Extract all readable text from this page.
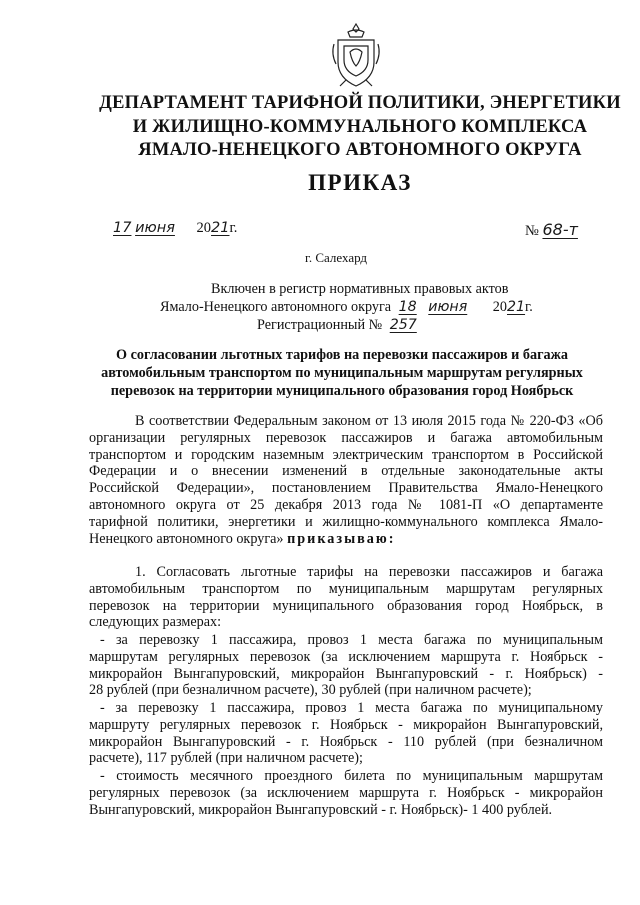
ДЕПАРТАМЕНТ ТАРИФНОЙ ПОЛИТИКИ, ЭНЕРГЕТИКИ
И ЖИЛИЩНО-КОММУНАЛЬНОГО КОМПЛЕКСА
ЯМАЛО-НЕНЕЦКОГО АВТОНОМНОГО ОКРУГА
ПРИКАЗ
17 июня 2021г.	№ 68-т
г. Салехард
Включен в регистр нормативных правовых актов
Ямало-Ненецкого автономного округа 18 июня 2021г.
Регистрационный № 257
О согласовании льготных тарифов на перевозки пассажиров и багажа
автомобильным транспортом по муниципальным маршрутам регулярных
перевозок на территории муниципального образования город Ноябрьск
В соответствии Федеральным законом от 13 июля 2015 года № 220-ФЗ «Об
организации регулярных перевозок пассажиров и багажа автомобильным
транспортом и городским наземным электрическим транспортом в Российской
Федерации и о внесении изменений в отдельные законодательные акты
Российской Федерации», постановлением Правительства Ямало-Ненецкого
автономного округа от 25 декабря 2013 года № 1081-П «О департаменте
тарифной политики, энергетики и жилищно-коммунального комплекса Ямало-
Ненецкого автономного округа» приказываю:
1. Согласовать льготные тарифы на перевозки пассажиров и багажа
автомобильным транспортом по муниципальным маршрутам регулярных
перевозок на территории муниципального образования город Ноябрьск, в
следующих размерах:
- за перевозку 1 пассажира, провоз 1 места багажа по муниципальным
маршрутам регулярных перевозок (за исключением маршрута г. Ноябрьск -
микрорайон Вынгапуровский, микрорайон Вынгапуровский - г. Ноябрьск) -
28 рублей (при безналичном расчете), 30 рублей (при наличном расчете);
- за перевозку 1 пассажира, провоз 1 места багажа по муниципальному
маршруту регулярных перевозок г. Ноябрьск - микрорайон Вынгапуровский,
микрорайон Вынгапуровский - г. Ноябрьск - 110 рублей (при безналичном
расчете), 117 рублей (при наличном расчете);
- стоимость месячного проездного билета по муниципальным маршрутам
регулярных перевозок (за исключением маршрута г. Ноябрьск - микрорайон
Вынгапуровский, микрорайон Вынгапуровский - г. Ноябрьск)- 1 400 рублей.
